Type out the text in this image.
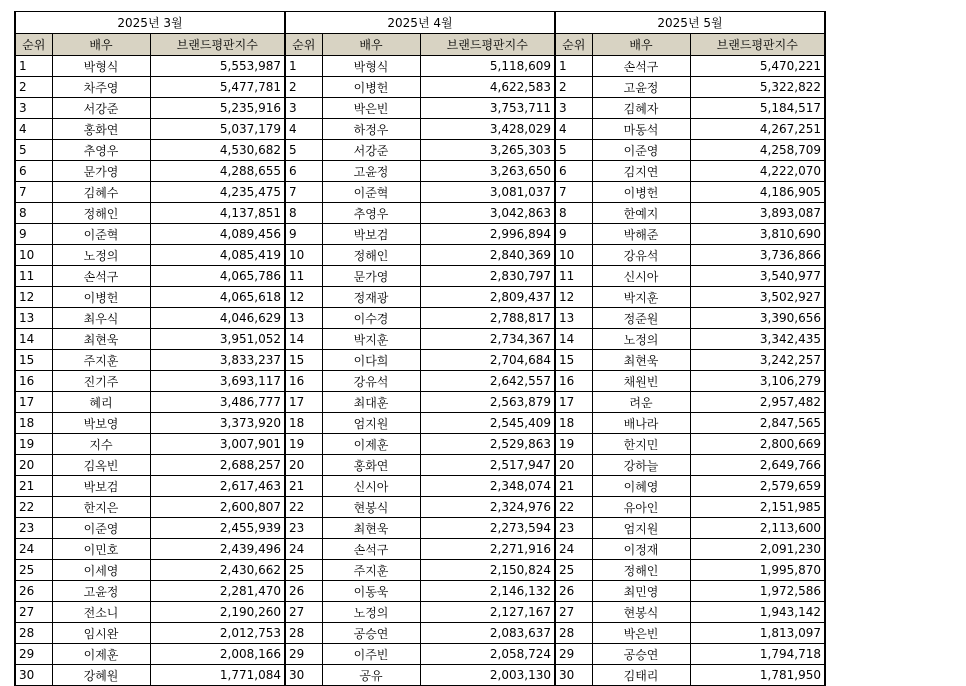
2025년 3월			2025년 4월			2025년 5월		
순위	배우	브랜드평판지수	순위	배우	브랜드평판지수	순위	배우	브랜드평판지수
1	박형식	5,553,987	1	박형식	5,118,609	1	손석구	5,470,221
2	차주영	5,477,781	2	이병헌	4,622,583	2	고윤정	5,322,822
3	서강준	5,235,916	3	박은빈	3,753,711	3	김혜자	5,184,517
4	홍화연	5,037,179	4	하정우	3,428,029	4	마동석	4,267,251
5	추영우	4,530,682	5	서강준	3,265,303	5	이준영	4,258,709
6	문가영	4,288,655	6	고윤정	3,263,650	6	김지연	4,222,070
7	김혜수	4,235,475	7	이준혁	3,081,037	7	이병헌	4,186,905
8	정해인	4,137,851	8	추영우	3,042,863	8	한예지	3,893,087
9	이준혁	4,089,456	9	박보검	2,996,894	9	박해준	3,810,690
10	노정의	4,085,419	10	정해인	2,840,369	10	강유석	3,736,866
11	손석구	4,065,786	11	문가영	2,830,797	11	신시아	3,540,977
12	이병헌	4,065,618	12	정재광	2,809,437	12	박지훈	3,502,927
13	최우식	4,046,629	13	이수경	2,788,817	13	정준원	3,390,656
14	최현욱	3,951,052	14	박지훈	2,734,367	14	노정의	3,342,435
15	주지훈	3,833,237	15	이다희	2,704,684	15	최현욱	3,242,257
16	진기주	3,693,117	16	강유석	2,642,557	16	채원빈	3,106,279
17	혜리	3,486,777	17	최대훈	2,563,879	17	려운	2,957,482
18	박보영	3,373,920	18	엄지원	2,545,409	18	배나라	2,847,565
19	지수	3,007,901	19	이제훈	2,529,863	19	한지민	2,800,669
20	김옥빈	2,688,257	20	홍화연	2,517,947	20	강하늘	2,649,766
21	박보검	2,617,463	21	신시아	2,348,074	21	이혜영	2,579,659
22	한지은	2,600,807	22	현봉식	2,324,976	22	유아인	2,151,985
23	이준영	2,455,939	23	최현욱	2,273,594	23	엄지원	2,113,600
24	이민호	2,439,496	24	손석구	2,271,916	24	이정재	2,091,230
25	이세영	2,430,662	25	주지훈	2,150,824	25	정해인	1,995,870
26	고윤정	2,281,470	26	이동욱	2,146,132	26	최민영	1,972,586
27	전소니	2,190,260	27	노정의	2,127,167	27	현봉식	1,943,142
28	임시완	2,012,753	28	공승연	2,083,637	28	박은빈	1,813,097
29	이제훈	2,008,166	29	이주빈	2,058,724	29	공승연	1,794,718
30	강혜원	1,771,084	30	공유	2,003,130	30	김태리	1,781,950
